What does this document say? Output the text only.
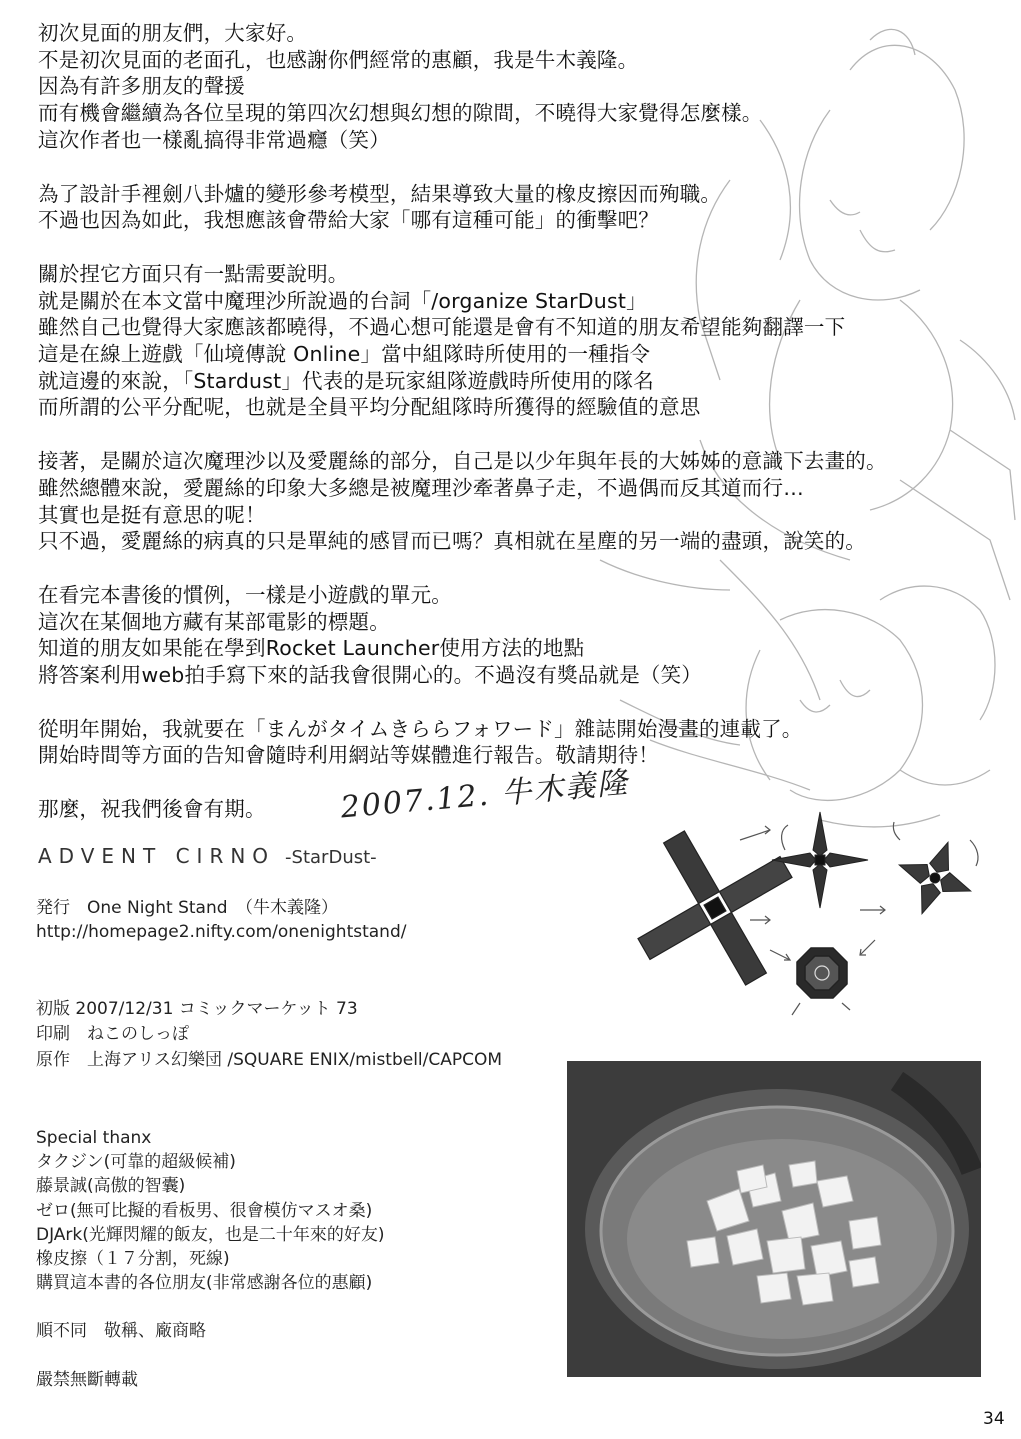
初次見面的朋友們，大家好。
不是初次見面的老面孔，也感謝你們經常的惠顧，我是牛木義隆。
因為有許多朋友的聲援
而有機會繼續為各位呈現的第四次幻想與幻想的隙間，不曉得大家覺得怎麼樣。
這次作者也一樣亂搞得非常過癮（笑）
為了設計手裡劍八卦爐的變形參考模型，結果導致大量的橡皮擦因而殉職。
不過也因為如此，我想應該會帶給大家「哪有這種可能」的衝擊吧？
關於捏它方面只有一點需要說明。
就是關於在本文當中魔理沙所說過的台詞「/organize StarDust」
雖然自己也覺得大家應該都曉得，不過心想可能還是會有不知道的朋友希望能夠翻譯一下
這是在線上遊戲「仙境傳說 Online」當中組隊時所使用的一種指令
就這邊的來說，「Stardust」代表的是玩家組隊遊戲時所使用的隊名
而所謂的公平分配呢，也就是全員平均分配組隊時所獲得的經驗值的意思
接著，是關於這次魔理沙以及愛麗絲的部分，自己是以少年與年長的大姊姊的意識下去畫的。
雖然總體來說，愛麗絲的印象大多總是被魔理沙牽著鼻子走，不過偶而反其道而行…
其實也是挺有意思的呢！
只不過，愛麗絲的病真的只是單純的感冒而已嗎？真相就在星塵的另一端的盡頭，說笑的。
在看完本書後的慣例，一樣是小遊戲的單元。
這次在某個地方藏有某部電影的標題。
知道的朋友如果能在學到Rocket Launcher使用方法的地點
將答案利用web拍手寫下來的話我會很開心的。不過沒有獎品就是（笑）
從明年開始，我就要在「まんがタイムきららフォワード」雜誌開始漫畫的連載了。
開始時間等方面的告知會隨時利用網站等媒體進行報告。敬請期待！
那麼，祝我們後會有期。	2007.12. 牛木義隆
ADVENT CIRNO -StarDust-
発行　One Night Stand　（牛木義隆）
http://homepage2.nifty.com/onenightstand/
初版 2007/12/31 コミックマーケット 73
印刷　ねこのしっぽ
原作　上海アリス幻樂団 /SQUARE ENIX/mistbell/CAPCOM
Special thanx
タクジン(可靠的超級候補)
藤景誠(高傲的智囊)
ゼロ(無可比擬的看板男、很會模仿マスオ桑)
DJArk(光輝閃耀的飯友，也是二十年來的好友)
橡皮擦（１７分割，死線)
購買這本書的各位朋友(非常感謝各位的惠顧)
順不同　敬稱、廠商略
嚴禁無斷轉載
34
